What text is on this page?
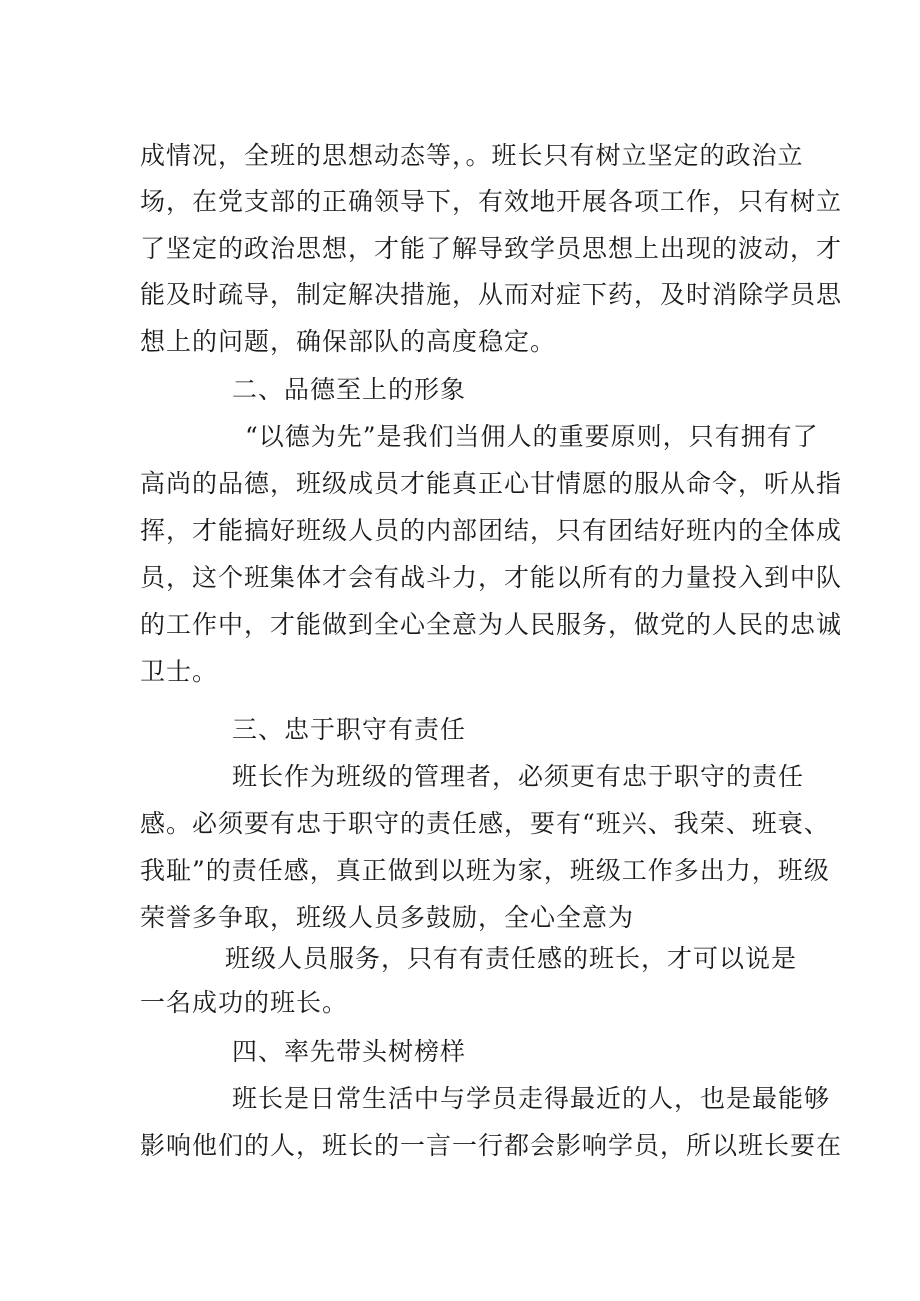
成情况，全班的思想动态等，。班长只有树立坚定的政治立
场，在党支部的正确领导下，有效地开展各项工作，只有树立
了坚定的政治思想，才能了解导致学员思想上出现的波动，才
能及时疏导，制定解决措施，从而对症下药，及时消除学员思
想上的问题，确保部队的高度稳定。
二、品德至上的形象
“以德为先”是我们当佣人的重要原则，只有拥有了
高尚的品德，班级成员才能真正心甘情愿的服从命令，听从指
挥，才能搞好班级人员的内部团结，只有团结好班内的全体成
员，这个班集体才会有战斗力，才能以所有的力量投入到中队
的工作中，才能做到全心全意为人民服务，做党的人民的忠诚
卫士。
三、忠于职守有责任
班长作为班级的管理者，必须更有忠于职守的责任
感。必须要有忠于职守的责任感，要有“班兴、我荣、班衰、
我耻”的责任感，真正做到以班为家，班级工作多出力，班级
荣誉多争取，班级人员多鼓励，全心全意为
班级人员服务，只有有责任感的班长，才可以说是
一名成功的班长。
四、率先带头树榜样
班长是日常生活中与学员走得最近的人，也是最能够
影响他们的人，班长的一言一行都会影响学员，所以班长要在
